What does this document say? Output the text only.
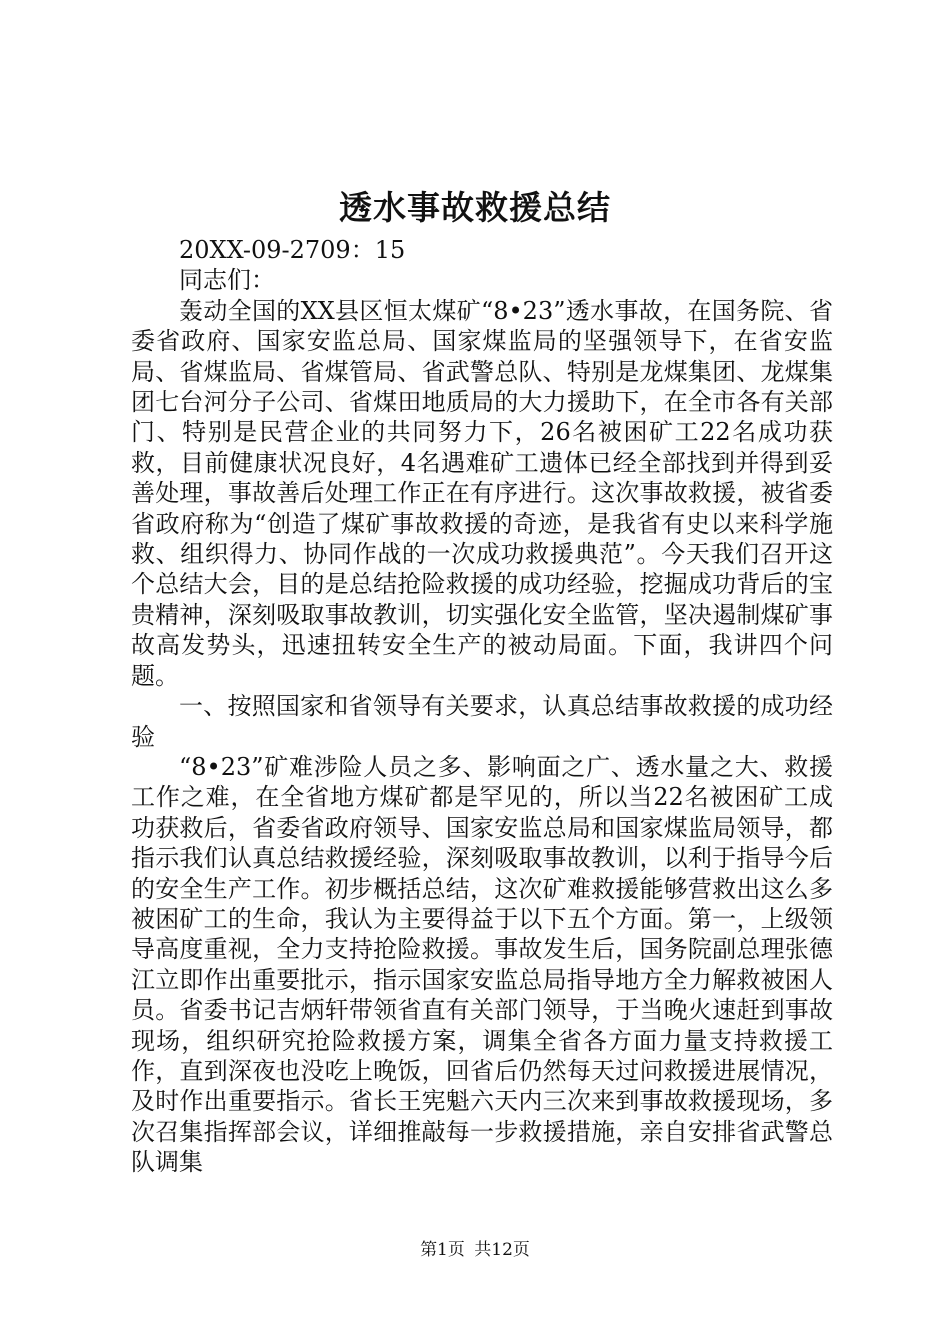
透水事故救援总结

20XX-09-2709：15

同志们：

轰动全国的XX县区恒太煤矿“8•23”透水事故，在国务院、省委省政府、国家安监总局、国家煤监局的坚强领导下，在省安监局、省煤监局、省煤管局、省武警总队、特别是龙煤集团、龙煤集团七台河分子公司、省煤田地质局的大力援助下，在全市各有关部门、特别是民营企业的共同努力下，26名被困矿工22名成功获救，目前健康状况良好，4名遇难矿工遗体已经全部找到并得到妥善处理，事故善后处理工作正在有序进行。这次事故救援，被省委省政府称为“创造了煤矿事故救援的奇迹，是我省有史以来科学施救、组织得力、协同作战的一次成功救援典范”。今天我们召开这个总结大会，目的是总结抢险救援的成功经验，挖掘成功背后的宝贵精神，深刻吸取事故教训，切实强化安全监管，坚决遏制煤矿事故高发势头，迅速扭转安全生产的被动局面。下面，我讲四个问题。

一、按照国家和省领导有关要求，认真总结事故救援的成功经验

“8•23”矿难涉险人员之多、影响面之广、透水量之大、救援工作之难，在全省地方煤矿都是罕见的，所以当22名被困矿工成功获救后，省委省政府领导、国家安监总局和国家煤监局领导，都指示我们认真总结救援经验，深刻吸取事故教训，以利于指导今后的安全生产工作。初步概括总结，这次矿难救援能够营救出这么多被困矿工的生命，我认为主要得益于以下五个方面。第一，上级领导高度重视，全力支持抢险救援。事故发生后，国务院副总理张德江立即作出重要批示，指示国家安监总局指导地方全力解救被困人员。省委书记吉炳轩带领省直有关部门领导，于当晚火速赶到事故现场，组织研究抢险救援方案，调集全省各方面力量支持救援工作，直到深夜也没吃上晚饭，回省后仍然每天过问救援进展情况，及时作出重要指示。省长王宪魁六天内三次来到事故救援现场，多次召集指挥部会议，详细推敲每一步救援措施，亲自安排省武警总队调集

第1页 共12页
